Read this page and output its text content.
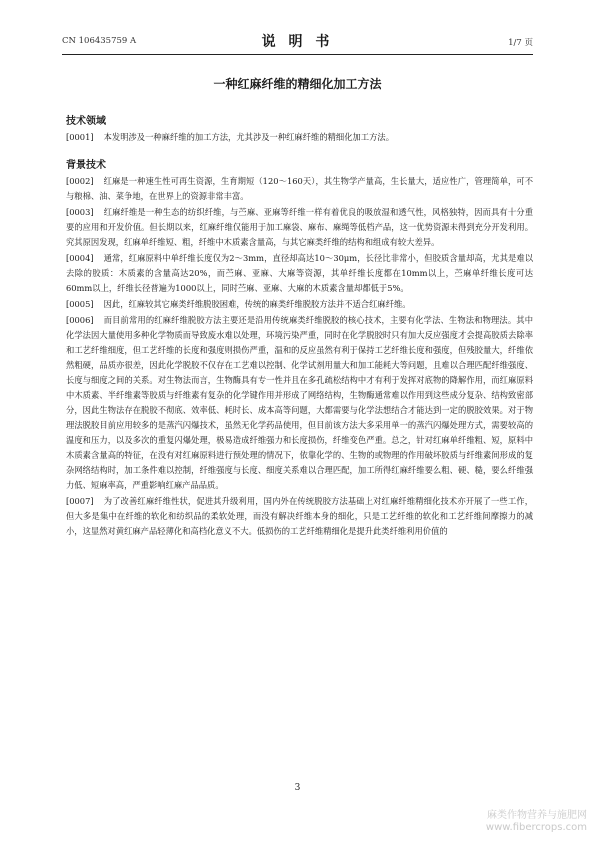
CN 106435759 A	说 明 书	1/7 页
一种红麻纤维的精细化加工方法
技术领域
[0001] 本发明涉及一种麻纤维的加工方法，尤其涉及一种红麻纤维的精细化加工方法。
背景技术
[0002] 红麻是一种速生性可再生资源，生育期短（120～160天），其生物学产量高，生长量大，适应性广，管理简单，可不与粮棉、油、菜争地，在世界上的资源非常丰富。
[0003] 红麻纤维是一种生态的纺织纤维，与苎麻、亚麻等纤维一样有着优良的吸放湿和透气性，风格独特，因而具有十分重要的应用和开发价值。但长期以来，红麻纤维仅能用于加工麻袋、麻布、麻绳等低档产品，这一优势资源未得到充分开发利用。究其原因发现，红麻单纤维短、粗，纤维中木质素含量高，与其它麻类纤维的结构和组成有较大差异。
[0004] 通常，红麻原料中单纤维长度仅为2～3mm，直径却高达10～30μm，长径比非常小，但胶质含量却高，尤其是难以去除的胶质：木质素的含量高达20%，而苎麻、亚麻、大麻等资源，其单纤维长度都在10mm以上，苎麻单纤维长度可达60mm以上，纤维长径普遍为1000以上，同时苎麻、亚麻、大麻的木质素含量却都低于5%。
[0005] 因此，红麻较其它麻类纤维脱胶困难，传统的麻类纤维脱胶方法并不适合红麻纤维。
[0006] 而目前常用的红麻纤维脱胶方法主要还是沿用传统麻类纤维脱胶的核心技术，主要有化学法、生物法和物理法。其中化学法因大量使用多种化学物质而导致废水难以处理，环境污染严重，同时在化学脱胶时只有加大反应强度才会提高胶质去除率和工艺纤维细度，但工艺纤维的长度和强度则损伤严重，温和的反应虽然有利于保持工艺纤维长度和强度，但残胶量大，纤维依然粗硬，品质亦很差，因此化学脱胶不仅存在工艺难以控制、化学试剂用量大和加工能耗大等问题，且难以合理匹配纤维强度、长度与细度之间的关系。对生物法而言，生物酶具有专一性并且在多孔疏松结构中才有利于发挥对底物的降解作用，而红麻原料中木质素、半纤维素等胶质与纤维素有复杂的化学键作用并形成了网络结构，生物酶通常难以作用到这些成分复杂、结构致密部分，因此生物法存在脱胶不彻底、效率低、耗时长、成本高等问题，大都需要与化学法想结合才能达到一定的脱胶效果。对于物理法脱胶目前应用较多的是蒸汽闪爆技术，虽然无化学药品使用，但目前该方法大多采用单一的蒸汽闪爆处理方式，需要较高的温度和压力，以及多次的重复闪爆处理，极易造成纤维强力和长度损伤，纤维变色严重。总之，针对红麻单纤维粗、短，原料中木质素含量高的特征，在没有对红麻原料进行预处理的情况下，依靠化学的、生物的或物理的作用破坏胶质与纤维素间形成的复杂网络结构时，加工条件难以控制，纤维强度与长度、细度关系难以合理匹配，加工所得红麻纤维要么粗、硬、糙，要么纤维强力低、短麻率高，严重影响红麻产品品质。
[0007] 为了改善红麻纤维性状，促进其升级利用，国内外在传统脱胶方法基础上对红麻纤维精细化技术亦开展了一些工作，但大多是集中在纤维的软化和纺织品的柔软处理，而没有解决纤维本身的细化，只是工艺纤维的软化和工艺纤维间摩擦力的减小，这显然对黄红麻产品轻薄化和高档化意义不大。低损伤的工艺纤维精细化是提升此类纤维利用价值的
3
麻类作物营养与施肥网
www.fibercrops.com
